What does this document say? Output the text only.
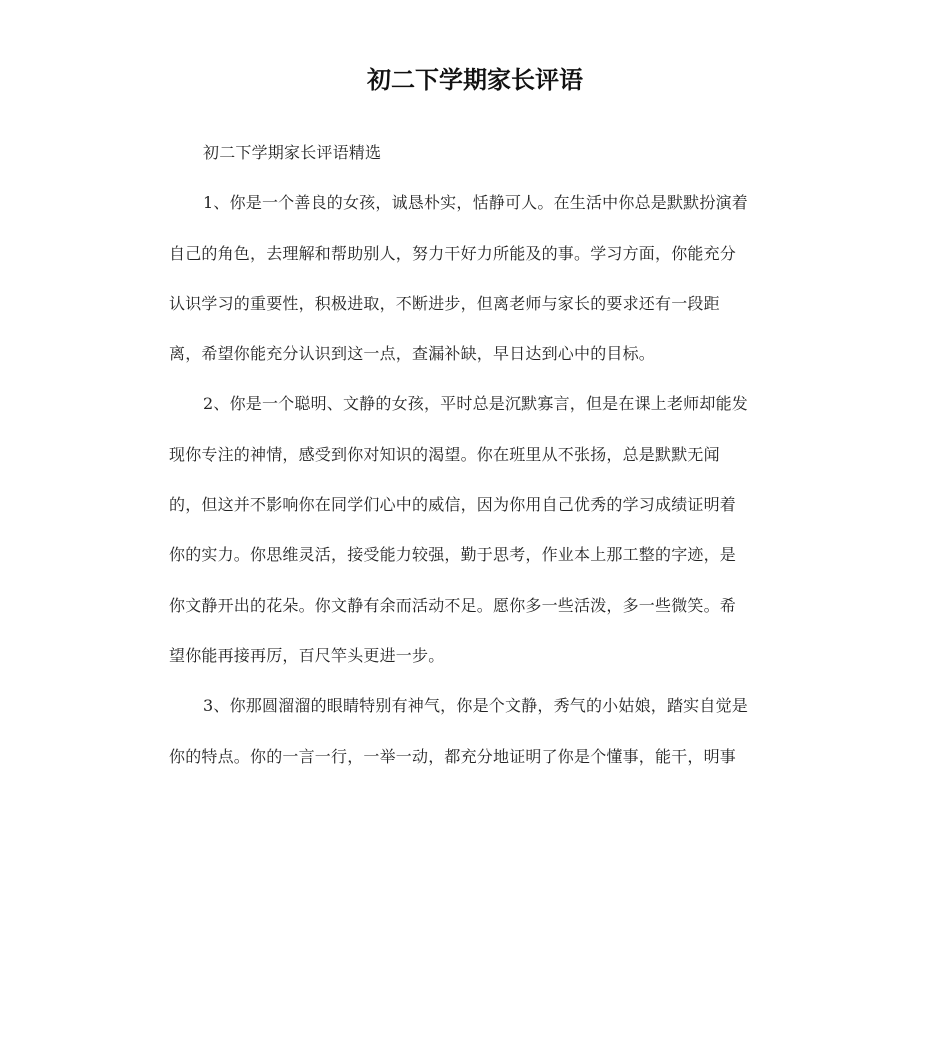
初二下学期家长评语
初二下学期家长评语精选
1、你是一个善良的女孩，诚恳朴实，恬静可人。在生活中你总是默默扮演着
自己的角色，去理解和帮助别人，努力干好力所能及的事。学习方面，你能充分
认识学习的重要性，积极进取，不断进步，但离老师与家长的要求还有一段距
离，希望你能充分认识到这一点，查漏补缺，早日达到心中的目标。
2、你是一个聪明、文静的女孩，平时总是沉默寡言，但是在课上老师却能发
现你专注的神情，感受到你对知识的渴望。你在班里从不张扬，总是默默无闻
的，但这并不影响你在同学们心中的威信，因为你用自己优秀的学习成绩证明着
你的实力。你思维灵活，接受能力较强，勤于思考，作业本上那工整的字迹，是
你文静开出的花朵。你文静有余而活动不足。愿你多一些活泼，多一些微笑。希
望你能再接再厉，百尺竿头更进一步。
3、你那圆溜溜的眼睛特别有神气，你是个文静，秀气的小姑娘，踏实自觉是
你的特点。你的一言一行，一举一动，都充分地证明了你是个懂事，能干，明事
